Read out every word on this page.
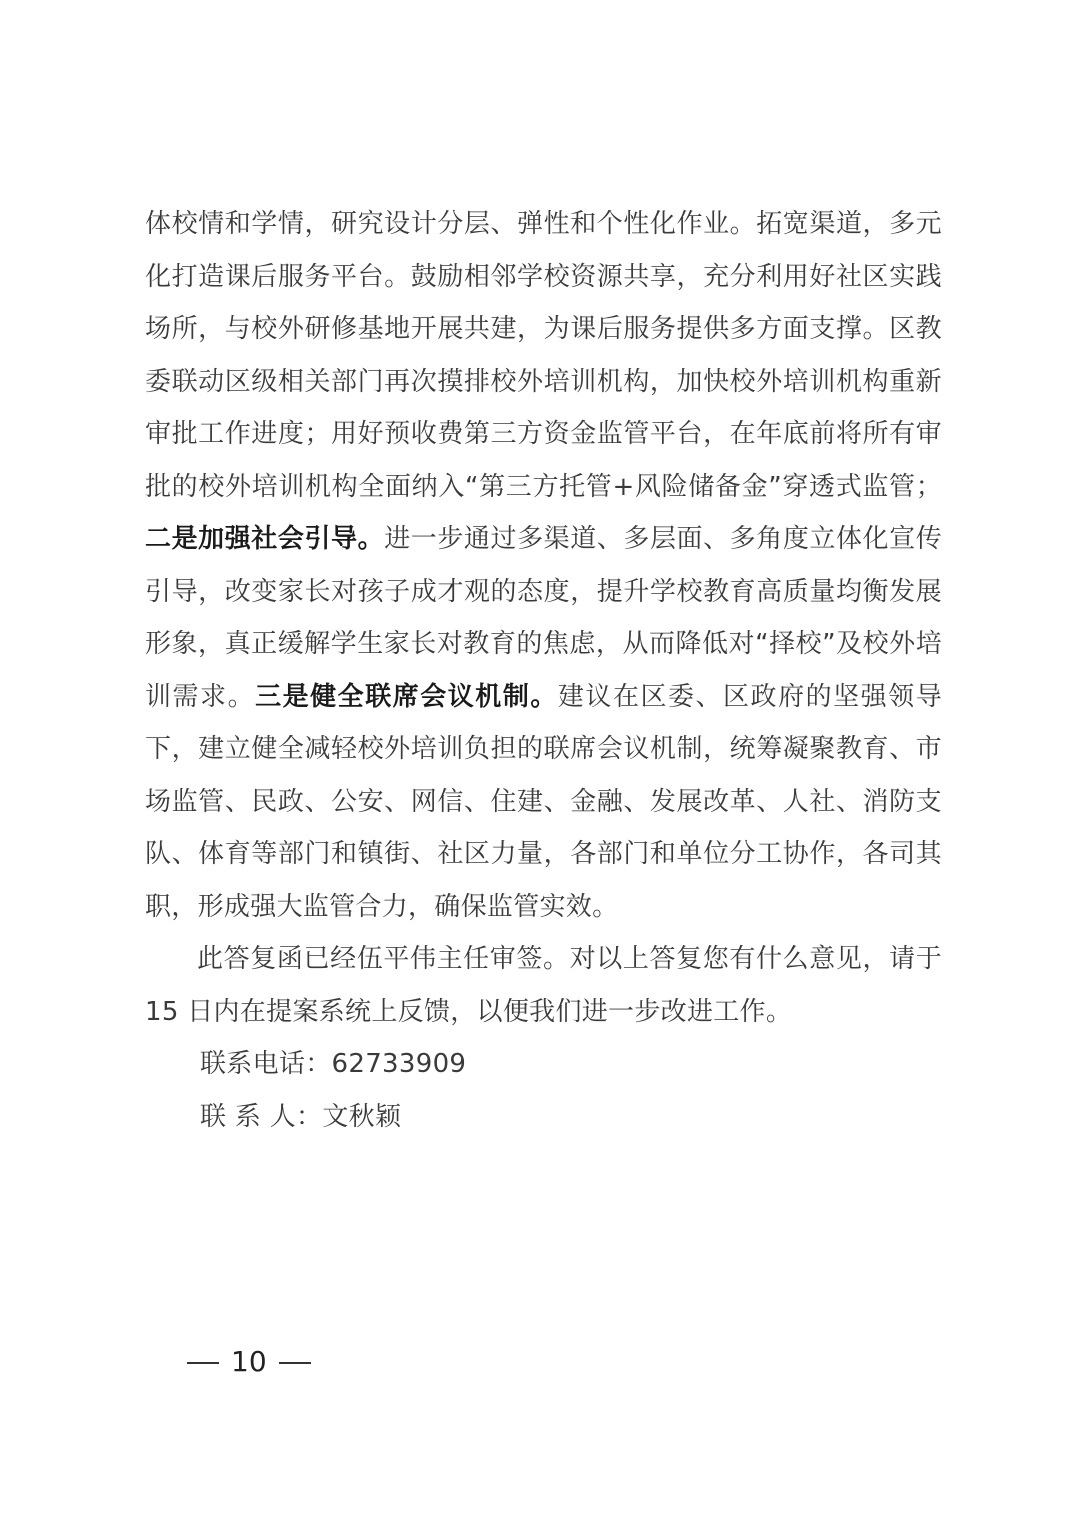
体校情和学情，研究设计分层、弹性和个性化作业。拓宽渠道，多元化打造课后服务平台。鼓励相邻学校资源共享，充分利用好社区实践场所，与校外研修基地开展共建，为课后服务提供多方面支撑。区教委联动区级相关部门再次摸排校外培训机构，加快校外培训机构重新审批工作进度；用好预收费第三方资金监管平台，在年底前将所有审批的校外培训机构全面纳入“第三方托管+风险储备金”穿透式监管；二是加强社会引导。进一步通过多渠道、多层面、多角度立体化宣传引导，改变家长对孩子成才观的态度，提升学校教育高质量均衡发展形象，真正缓解学生家长对教育的焦虑，从而降低对“择校”及校外培训需求。三是健全联席会议机制。建议在区委、区政府的坚强领导下，建立健全减轻校外培训负担的联席会议机制，统筹凝聚教育、市场监管、民政、公安、网信、住建、金融、发展改革、人社、消防支队、体育等部门和镇街、社区力量，各部门和单位分工协作，各司其职，形成强大监管合力，确保监管实效。

此答复函已经伍平伟主任审签。对以上答复您有什么意见，请于 15 日内在提案系统上反馈，以便我们进一步改进工作。

联系电话：62733909

联 系 人：文秋颖

10
